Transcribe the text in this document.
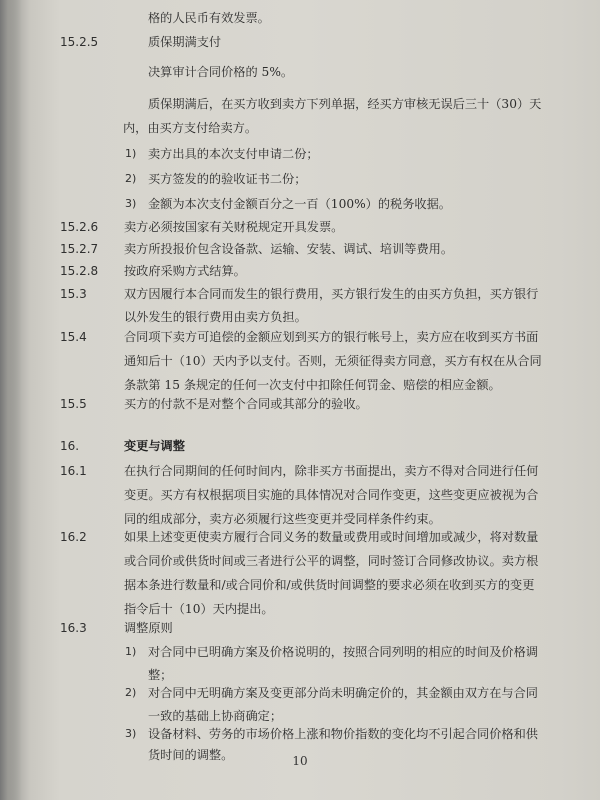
格的人民币有效发票。
15.2.5	质保期满支付
决算审计合同价格的 5%。
质保期满后，在买方收到卖方下列单据，经买方审核无误后三十（30）天
内，由买方支付给卖方。
1) 卖方出具的本次支付申请二份；
2) 买方签发的的验收证书二份；
3) 金额为本次支付金额百分之一百（100%）的税务收据。
15.2.6 卖方必须按国家有关财税规定开具发票。
15.2.7 卖方所投报价包含设备款、运输、安装、调试、培训等费用。
15.2.8 按政府采购方式结算。
15.3	双方因履行本合同而发生的银行费用，买方银行发生的由买方负担，买方银行
以外发生的银行费用由卖方负担。
15.4	合同项下卖方可追偿的金额应划到买方的银行帐号上，卖方应在收到买方书面
通知后十（10）天内予以支付。否则，无须征得卖方同意，买方有权在从合同
条款第 15 条规定的任何一次支付中扣除任何罚金、赔偿的相应金额。
15.5	买方的付款不是对整个合同或其部分的验收。
16.	变更与调整
16.1	在执行合同期间的任何时间内，除非买方书面提出，卖方不得对合同进行任何
变更。买方有权根据项目实施的具体情况对合同作变更，这些变更应被视为合
同的组成部分，卖方必须履行这些变更并受同样条件约束。
16.2	如果上述变更使卖方履行合同义务的数量或费用或时间增加或减少，将对数量
或合同价或供货时间或三者进行公平的调整，同时签订合同修改协议。卖方根
据本条进行数量和/或合同价和/或供货时间调整的要求必须在收到买方的变更
指令后十（10）天内提出。
16.3	调整原则
1) 对合同中已明确方案及价格说明的，按照合同列明的相应的时间及价格调
整；
2) 对合同中无明确方案及变更部分尚未明确定价的，其金额由双方在与合同
一致的基础上协商确定；
3) 设备材料、劳务的市场价格上涨和物价指数的变化均不引起合同价格和供
货时间的调整。	10
